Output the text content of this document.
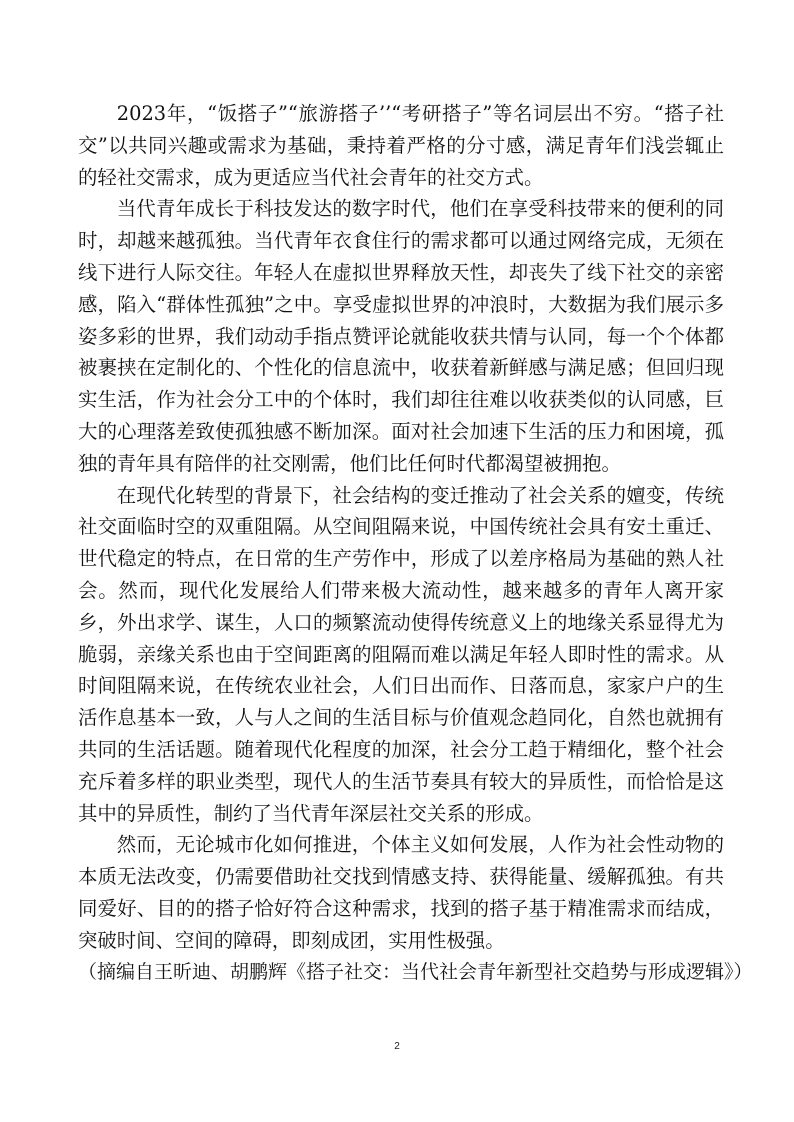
2023年，“饭搭子”“旅游搭子’’“考研搭子”等名词层出不穷。“搭子社交”以共同兴趣或需求为基础，秉持着严格的分寸感，满足青年们浅尝辄止的轻社交需求，成为更适应当代社会青年的社交方式。

当代青年成长于科技发达的数字时代，他们在享受科技带来的便利的同时，却越来越孤独。当代青年衣食住行的需求都可以通过网络完成，无须在线下进行人际交往。年轻人在虚拟世界释放天性，却丧失了线下社交的亲密感，陷入“群体性孤独”之中。享受虚拟世界的冲浪时，大数据为我们展示多姿多彩的世界，我们动动手指点赞评论就能收获共情与认同，每一个个体都被裹挟在定制化的、个性化的信息流中，收获着新鲜感与满足感；但回归现实生活，作为社会分工中的个体时，我们却往往难以收获类似的认同感，巨大的心理落差致使孤独感不断加深。面对社会加速下生活的压力和困境，孤独的青年具有陪伴的社交刚需，他们比任何时代都渴望被拥抱。

在现代化转型的背景下，社会结构的变迁推动了社会关系的嬗变，传统社交面临时空的双重阻隔。从空间阻隔来说，中国传统社会具有安土重迁、世代稳定的特点，在日常的生产劳作中，形成了以差序格局为基础的熟人社会。然而，现代化发展给人们带来极大流动性，越来越多的青年人离开家乡，外出求学、谋生，人口的频繁流动使得传统意义上的地缘关系显得尤为脆弱，亲缘关系也由于空间距离的阻隔而难以满足年轻人即时性的需求。从时间阻隔来说，在传统农业社会，人们日出而作、日落而息，家家户户的生活作息基本一致，人与人之间的生活目标与价值观念趋同化，自然也就拥有共同的生活话题。随着现代化程度的加深，社会分工趋于精细化，整个社会充斥着多样的职业类型，现代人的生活节奏具有较大的异质性，而恰恰是这其中的异质性，制约了当代青年深层社交关系的形成。

然而，无论城市化如何推进，个体主义如何发展，人作为社会性动物的本质无法改变，仍需要借助社交找到情感支持、获得能量、缓解孤独。有共同爱好、目的的搭子恰好符合这种需求，找到的搭子基于精准需求而结成，突破时间、空间的障碍，即刻成团，实用性极强。

（摘编自王昕迪、胡鹏辉《搭子社交：当代社会青年新型社交趋势与形成逻辑》）

2
